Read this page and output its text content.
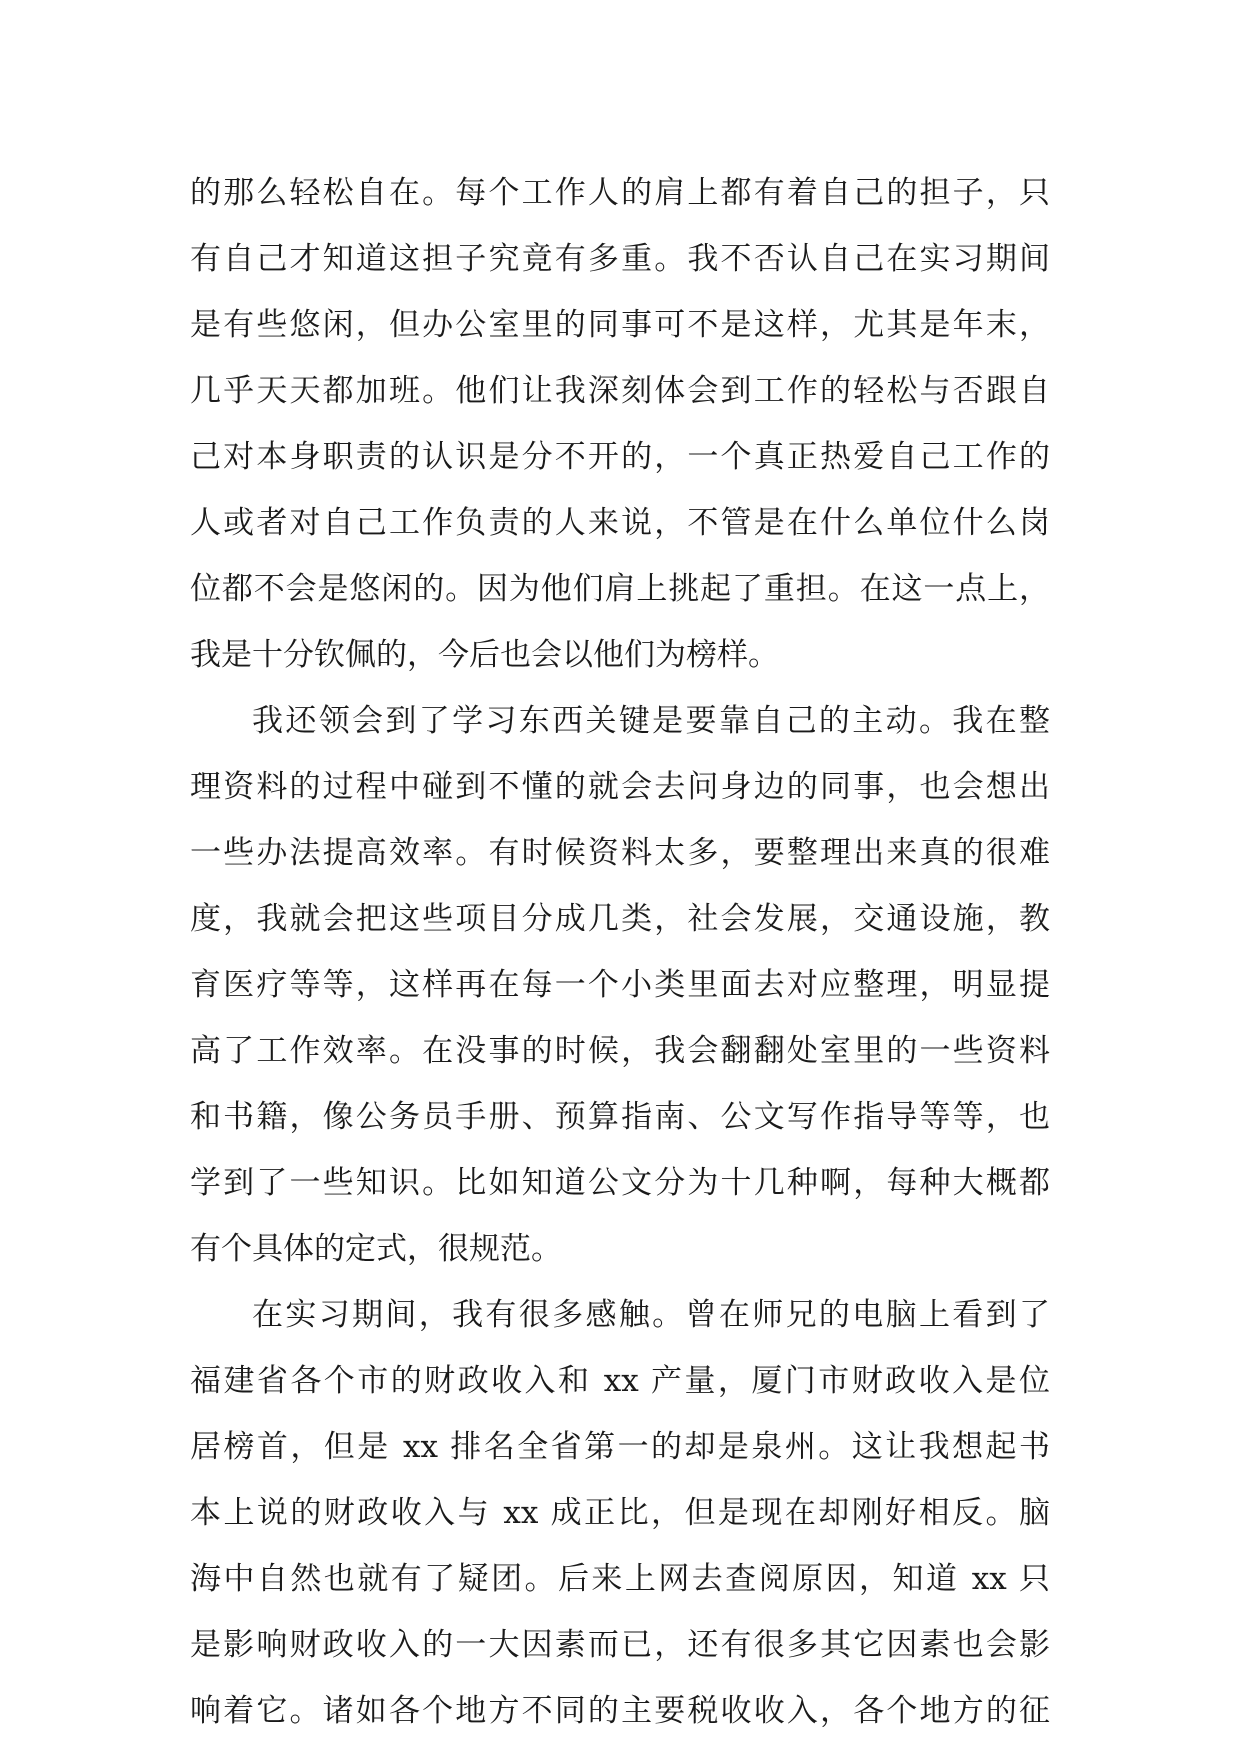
的那么轻松自在。每个工作人的肩上都有着自己的担子，只
有自己才知道这担子究竟有多重。我不否认自己在实习期间
是有些悠闲，但办公室里的同事可不是这样，尤其是年末，
几乎天天都加班。他们让我深刻体会到工作的轻松与否跟自
己对本身职责的认识是分不开的，一个真正热爱自己工作的
人或者对自己工作负责的人来说，不管是在什么单位什么岗
位都不会是悠闲的。因为他们肩上挑起了重担。在这一点上，
我是十分钦佩的，今后也会以他们为榜样。
我还领会到了学习东西关键是要靠自己的主动。我在整
理资料的过程中碰到不懂的就会去问身边的同事，也会想出
一些办法提高效率。有时候资料太多，要整理出来真的很难
度，我就会把这些项目分成几类，社会发展，交通设施，教
育医疗等等，这样再在每一个小类里面去对应整理，明显提
高了工作效率。在没事的时候，我会翻翻处室里的一些资料
和书籍，像公务员手册、预算指南、公文写作指导等等，也
学到了一些知识。比如知道公文分为十几种啊，每种大概都
有个具体的定式，很规范。
在实习期间，我有很多感触。曾在师兄的电脑上看到了
福建省各个市的财政收入和 xx 产量，厦门市财政收入是位
居榜首，但是 xx 排名全省第一的却是泉州。这让我想起书
本上说的财政收入与 xx 成正比，但是现在却刚好相反。脑
海中自然也就有了疑团。后来上网去查阅原因，知道 xx 只
是影响财政收入的一大因素而已，还有很多其它因素也会影
响着它。诸如各个地方不同的主要税收收入，各个地方的征
